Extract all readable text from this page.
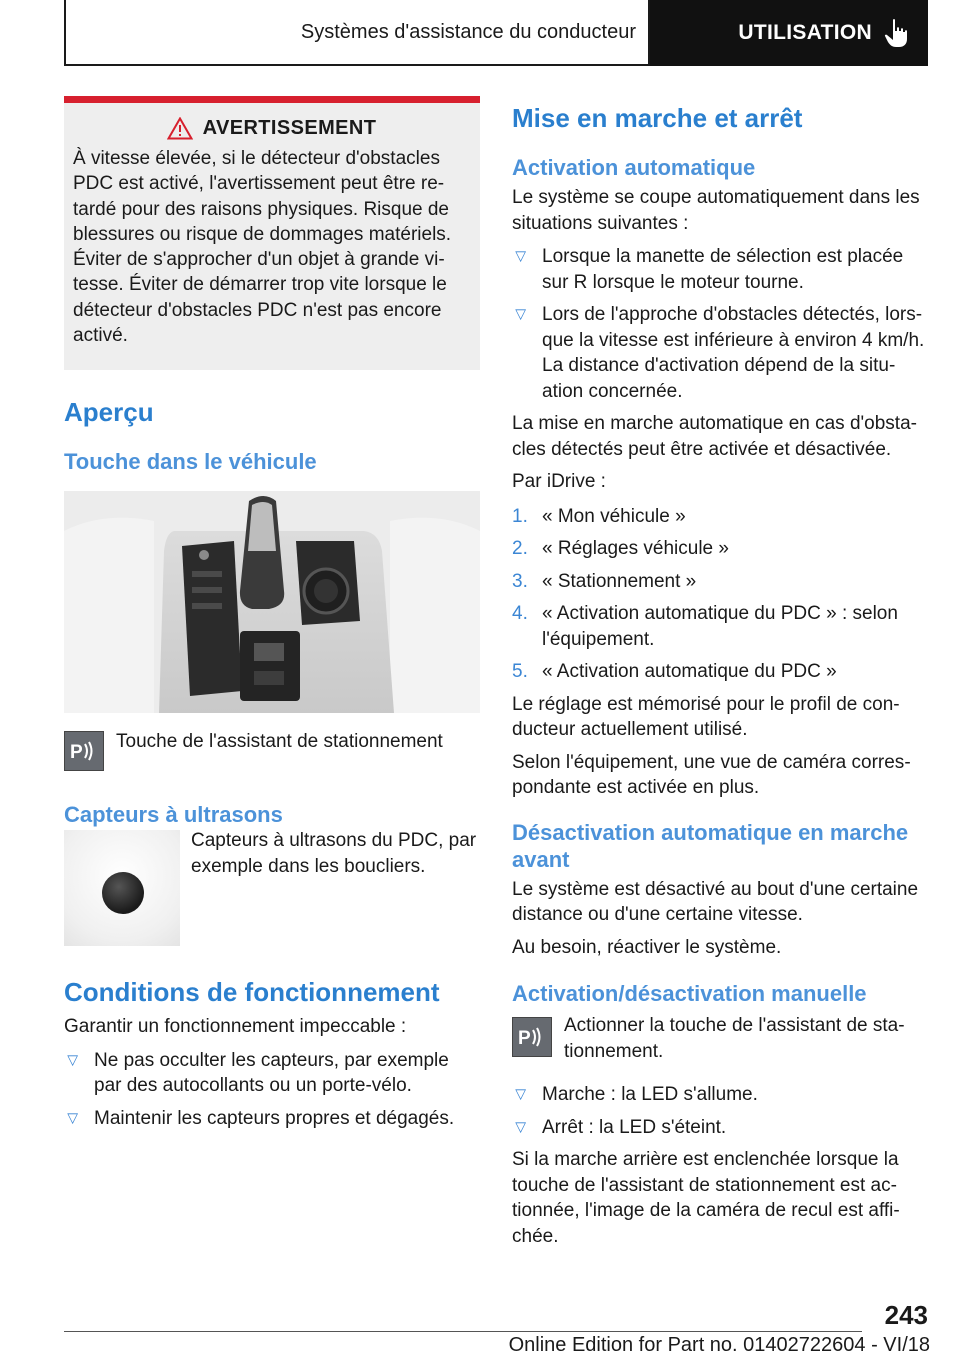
Systèmes d'assistance du conducteur	UTILISATION
AVERTISSEMENT

À vitesse élevée, si le détecteur d'obstacles PDC est activé, l'avertissement peut être retardé pour des raisons physiques. Risque de blessures ou risque de dommages matériels. Éviter de s'approcher d'un objet à grande vitesse. Éviter de démarrer trop vite lorsque le détecteur d'obstacles PDC n'est pas encore activé.

Aperçu
Touche dans le véhicule
P

Touche de l'assistant de stationnement

Capteurs à ultrasons

Capteurs à ultrasons du PDC, par exemple dans les boucliers.

Conditions de fonctionnement

Garantir un fonctionnement impeccable :

▷ Ne pas occulter les capteurs, par exemple par des autocollants ou un porte-vélo.
▷ Maintenir les capteurs propres et dégagés.
Mise en marche et arrêt
Activation automatique

Le système se coupe automatiquement dans les situations suivantes :

▷ Lorsque la manette de sélection est placée sur R lorsque le moteur tourne.
▷ Lors de l'approche d'obstacles détectés, lorsque la vitesse est inférieure à environ 4 km/h. La distance d'activation dépend de la situation concernée.

La mise en marche automatique en cas d'obstacles détectés peut être activée et désactivée.

Par iDrive :

1. « Mon véhicule »
2. « Réglages véhicule »
3. « Stationnement »
4. « Activation automatique du PDC » : selon l'équipement.
5. « Activation automatique du PDC »

Le réglage est mémorisé pour le profil de conducteur actuellement utilisé.

Selon l'équipement, une vue de caméra correspondante est activée en plus.

Désactivation automatique en marche avant

Le système est désactivé au bout d'une certaine distance ou d'une certaine vitesse.

Au besoin, réactiver le système.

Activation/désactivation manuelle
P

Actionner la touche de l'assistant de stationnement.

▷ Marche : la LED s'allume.
▷ Arrêt : la LED s'éteint.

Si la marche arrière est enclenchée lorsque la touche de l'assistant de stationnement est actionnée, l'image de la caméra de recul est affichée.

243
Online Edition for Part no. 01402722604 - VI/18
